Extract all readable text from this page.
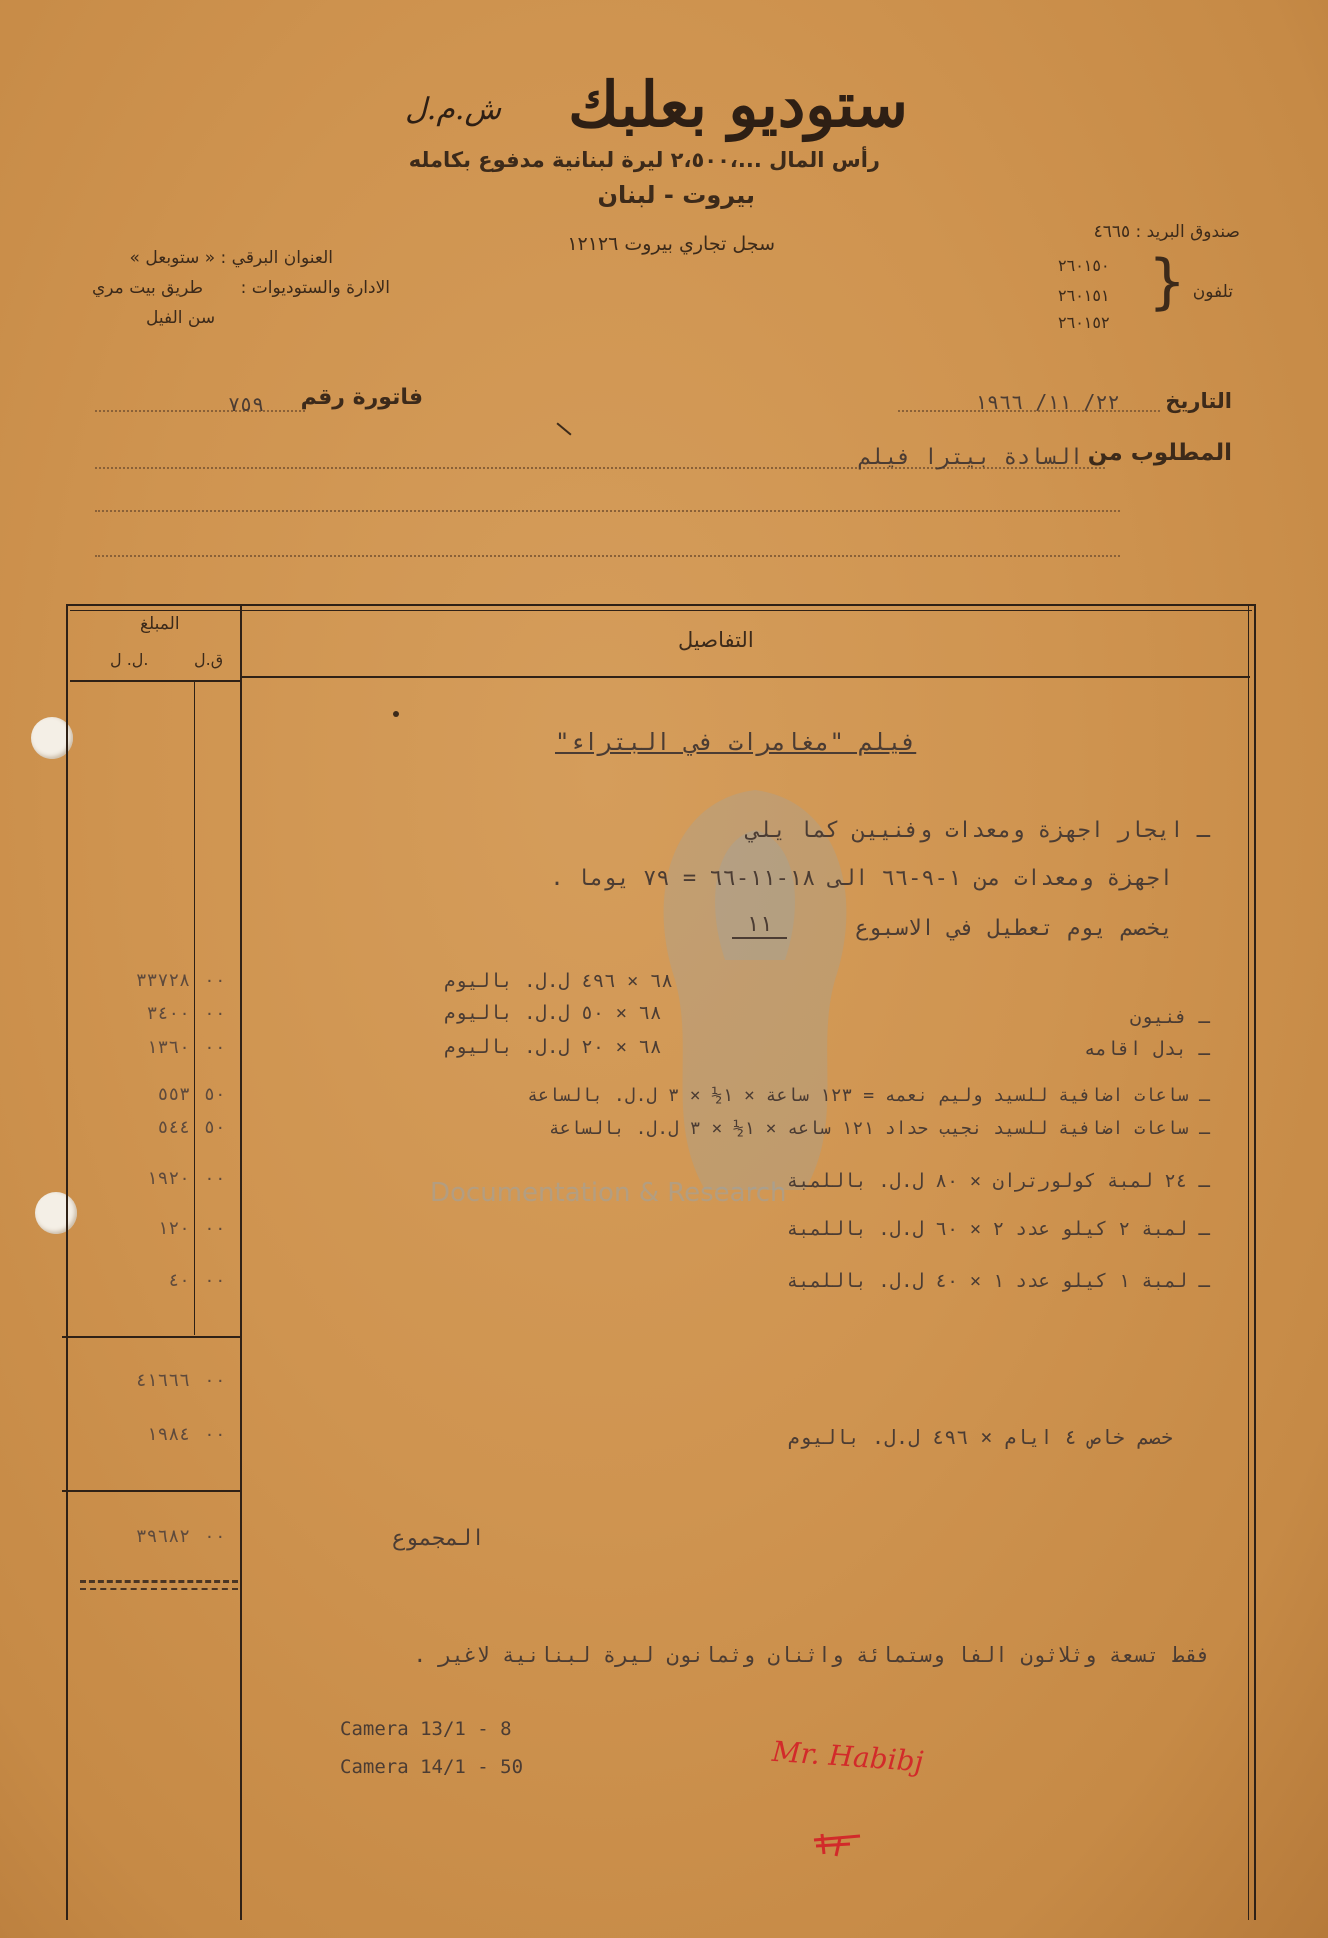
Documentation & Research
ستوديو بعلبك
ش.م.ل
رأس المال ...،٢،٥٠٠ ليرة لبنانية مدفوع بكامله
بيروت - لبنان
سجل تجاري بيروت ١٢١٢٦
صندوق البريد : ٤٦٦٥
تلفون
}
٢٦٠١٥٠
٢٦٠١٥١
٢٦٠١٥٢
العنوان البرقي : « ستوبعل »
الادارة والستوديوات :
طريق بيت مري
سن الفيل
التاريخ
٢٢/ ١١/ ١٩٦٦
فاتورة رقم
٧٥٩
المطلوب من
السادة بيترا فيلم
المبلغ
ق.ل
ل. ل.
التفاصيل
فيلم "مغامرات في البتراء"
ـ ايجار اجهزة ومعدات وفنيين كما يلي
اجهزة ومعدات من ١-٩-٦٦ الى ١٨-١١-٦٦ = ٧٩ يوما .
يخصم يوم تعطيل في الاسبوع
١١
٦٨ × ٤٩٦ ل.ل. باليوم
٣٣٧٢٨ ٠٠
ـ فنيون
٦٨ × ٥٠ ل.ل. باليوم
٣٤٠٠ ٠٠
ـ بدل اقامه
٦٨ × ٢٠ ل.ل. باليوم
١٣٦٠ ٠٠
ـ ساعات اضافية للسيد وليم نعمه = ١٢٣ ساعة × ١½ × ٣ ل.ل. بالساعة
٥٥٣ ٥٠
ـ ساعات اضافية للسيد نجيب حداد ١٢١ ساعه × ١½ × ٣ ل.ل. بالساعة
٥٤٤ ٥٠
ـ ٢٤ لمبة كولورتران × ٨٠ ل.ل. باللمبة
١٩٢٠ ٠٠
ـ لمبة ٢ كيلو عدد ٢ × ٦٠ ل.ل. باللمبة
١٢٠ ٠٠
ـ لمبة ١ كيلو عدد ١ × ٤٠ ل.ل. باللمبة
٤٠ ٠٠
٤١٦٦٦ ٠٠
خصم خاص ٤ ايام × ٤٩٦ ل.ل. باليوم
١٩٨٤ ٠٠
المجموع
٣٩٦٨٢ ٠٠
فقط تسعة وثلاثون الفا وستمائة واثنان وثمانون ليرة لبنانية لاغير .
Camera 13/1 - 8
Camera 14/1 - 50	Mr. Habibj
